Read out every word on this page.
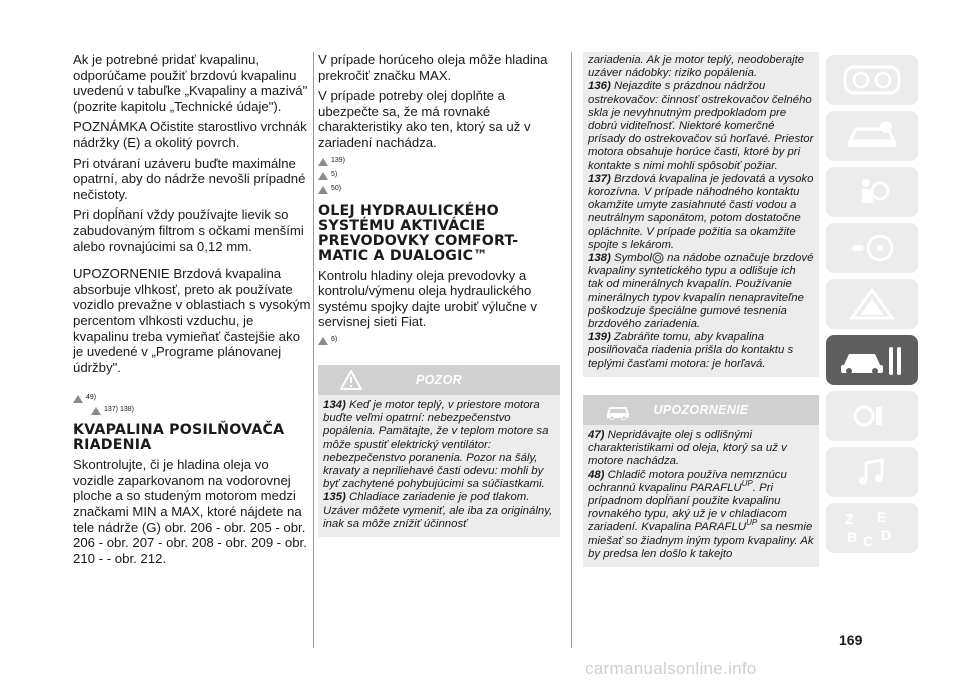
Ak je potrebné pridať kvapalinu, odporúčame použiť brzdovú kvapalinu uvedenú v tabuľke „Kvapaliny a mazivá" (pozrite kapitolu „Technické údaje").

POZNÁMKA Očistite starostlivo vrchnák nádržky (E) a okolitý povrch.

Pri otváraní uzáveru buďte maximálne opatrní, aby do nádrže nevošli prípadné nečistoty.

Pri dopĺňaní vždy používajte lievik so zabudovaným filtrom s očkami menšími alebo rovnajúcimi sa 0,12 mm.

UPOZORNENIE Brzdová kvapalina absorbuje vlhkosť, preto ak používate vozidlo prevažne v oblastiach s vysokým percentom vlhkosti vzduchu, je kvapalinu treba vymieňať častejšie ako je uvedené v „Programe plánovanej údržby".

49)
137) 138)
KVAPALINA POSILŇOVAČA RIADENIA

Skontrolujte, či je hladina oleja vo vozidle zaparkovanom na vodorovnej ploche a so studeným motorom medzi značkami MIN a MAX, ktoré nájdete na tele nádrže (G) obr. 206 - obr. 205 - obr. 206 - obr. 207 - obr. 208 - obr. 209 - obr. 210 - - obr. 212.

V prípade horúceho oleja môže hladina prekročiť značku MAX.

V prípade potreby olej doplňte a ubezpečte sa, že má rovnaké charakteristiky ako ten, ktorý sa už v zariadení nachádza.

139)
5)
50)
OLEJ HYDRAULICKÉHO SYSTÉMU AKTIVÁCIE PREVODOVKY COMFORT-MATIC A DUALOGIC™

Kontrolu hladiny oleja prevodovky a kontrolu/výmenu oleja hydraulického systému spojky dajte urobiť výlučne v servisnej sieti Fiat.

6)
POZOR

134) Keď je motor teplý, v priestore motora buďte veľmi opatrní: nebezpečenstvo popálenia. Pamätajte, že v teplom motore sa môže spustiť elektrický ventilátor: nebezpečenstvo poranenia. Pozor na šály, kravaty a nepriliehavé časti odevu: mohli by byť zachytené pohybujúcimi sa súčiastkami.

135) Chladiace zariadenie je pod tlakom. Uzáver môžete vymeniť, ale iba za originálny, inak sa môže znížiť účinnosť

zariadenia. Ak je motor teplý, neodoberajte uzáver nádobky: riziko popálenia.

136) Nejazdite s prázdnou nádržou ostrekovačov: činnosť ostrekovačov čelného skla je nevyhnutným predpokladom pre dobrú viditeľnosť. Niektoré komerčné prísady do ostrekovačov sú horľavé. Priestor motora obsahuje horúce časti, ktoré by pri kontakte s nimi mohli spôsobiť požiar.

137) Brzdová kvapalina je jedovatá a vysoko korozívna. V prípade náhodného kontaktu okamžite umyte zasiahnuté časti vodou a neutrálnym saponátom, potom dostatočne opláchnite. V prípade požitia sa okamžite spojte s lekárom.

138) Symbol na nádobe označuje brzdové kvapaliny syntetického typu a odlišuje ich tak od minerálnych kvapalín. Používanie minerálnych typov kvapalín nenapraviteľne poškodzuje špeciálne gumové tesnenia brzdového zariadenia.

139) Zabráňte tomu, aby kvapalina posilňovača riadenia prišla do kontaktu s teplými časťami motora: je horľavá.

UPOZORNENIE

47) Nepridávajte olej s odlišnými charakteristikami od oleja, ktorý sa už v motore nachádza.

48) Chladič motora používa nemrznúcu ochrannú kvapalinu $PARAFLU^{UP}$. Pri prípadnom dopĺňaní použite kvapalinu rovnakého typu, aký už je v chladiacom zariadení. Kvapalina $PARAFLU^{UP}$ sa nesmie miešať so žiadnym iným typom kvapaliny. Ak by predsa len došlo k takejto

Z E
B C D
169
carmanualsonline.info
